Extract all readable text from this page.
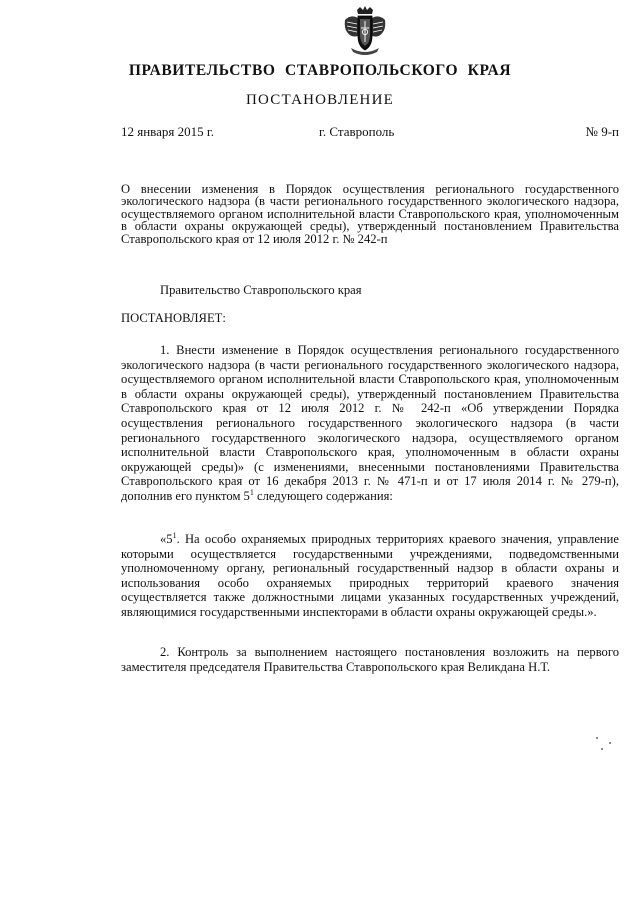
ПРАВИТЕЛЬСТВО СТАВРОПОЛЬСКОГО КРАЯ
ПОСТАНОВЛЕНИЕ
12 января 2015 г.	г. Ставрополь	№ 9-п
О внесении изменения в Порядок осуществления регионального государственного экологического надзора (в части регионального государственного экологического надзора, осуществляемого органом исполнительной власти Ставропольского края, уполномоченным в области охраны окружающей среды), утвержденный постановлением Правительства Ставропольского края от 12 июля 2012 г. № 242-п
Правительство Ставропольского края
ПОСТАНОВЛЯЕТ:

1. Внести изменение в Порядок осуществления регионального государственного экологического надзора (в части регионального государственного экологического надзора, осуществляемого органом исполнительной власти Ставропольского края, уполномоченным в области охраны окружающей среды), утвержденный постановлением Правительства Ставропольского края от 12 июля 2012 г. № 242-п «Об утверждении Порядка осуществления регионального государственного экологического надзора (в части регионального государственного экологического надзора, осуществляемого органом исполнительной власти Ставропольского края, уполномоченным в области охраны окружающей среды)» (с изменениями, внесенными постановлениями Правительства Ставропольского края от 16 декабря 2013 г. № 471-п и от 17 июля 2014 г. № 279-п), дополнив его пунктом $5^1$ следующего содержания:

«$5^1$. На особо охраняемых природных территориях краевого значения, управление которыми осуществляется государственными учреждениями, подведомственными уполномоченному органу, региональный государственный надзор в области охраны и использования особо охраняемых природных территорий краевого значения осуществляется также должностными лицами указанных государственных учреждений, являющимися государственными инспекторами в области охраны окружающей среды.».

2. Контроль за выполнением настоящего постановления возложить на первого заместителя председателя Правительства Ставропольского края Великдана Н.Т.
